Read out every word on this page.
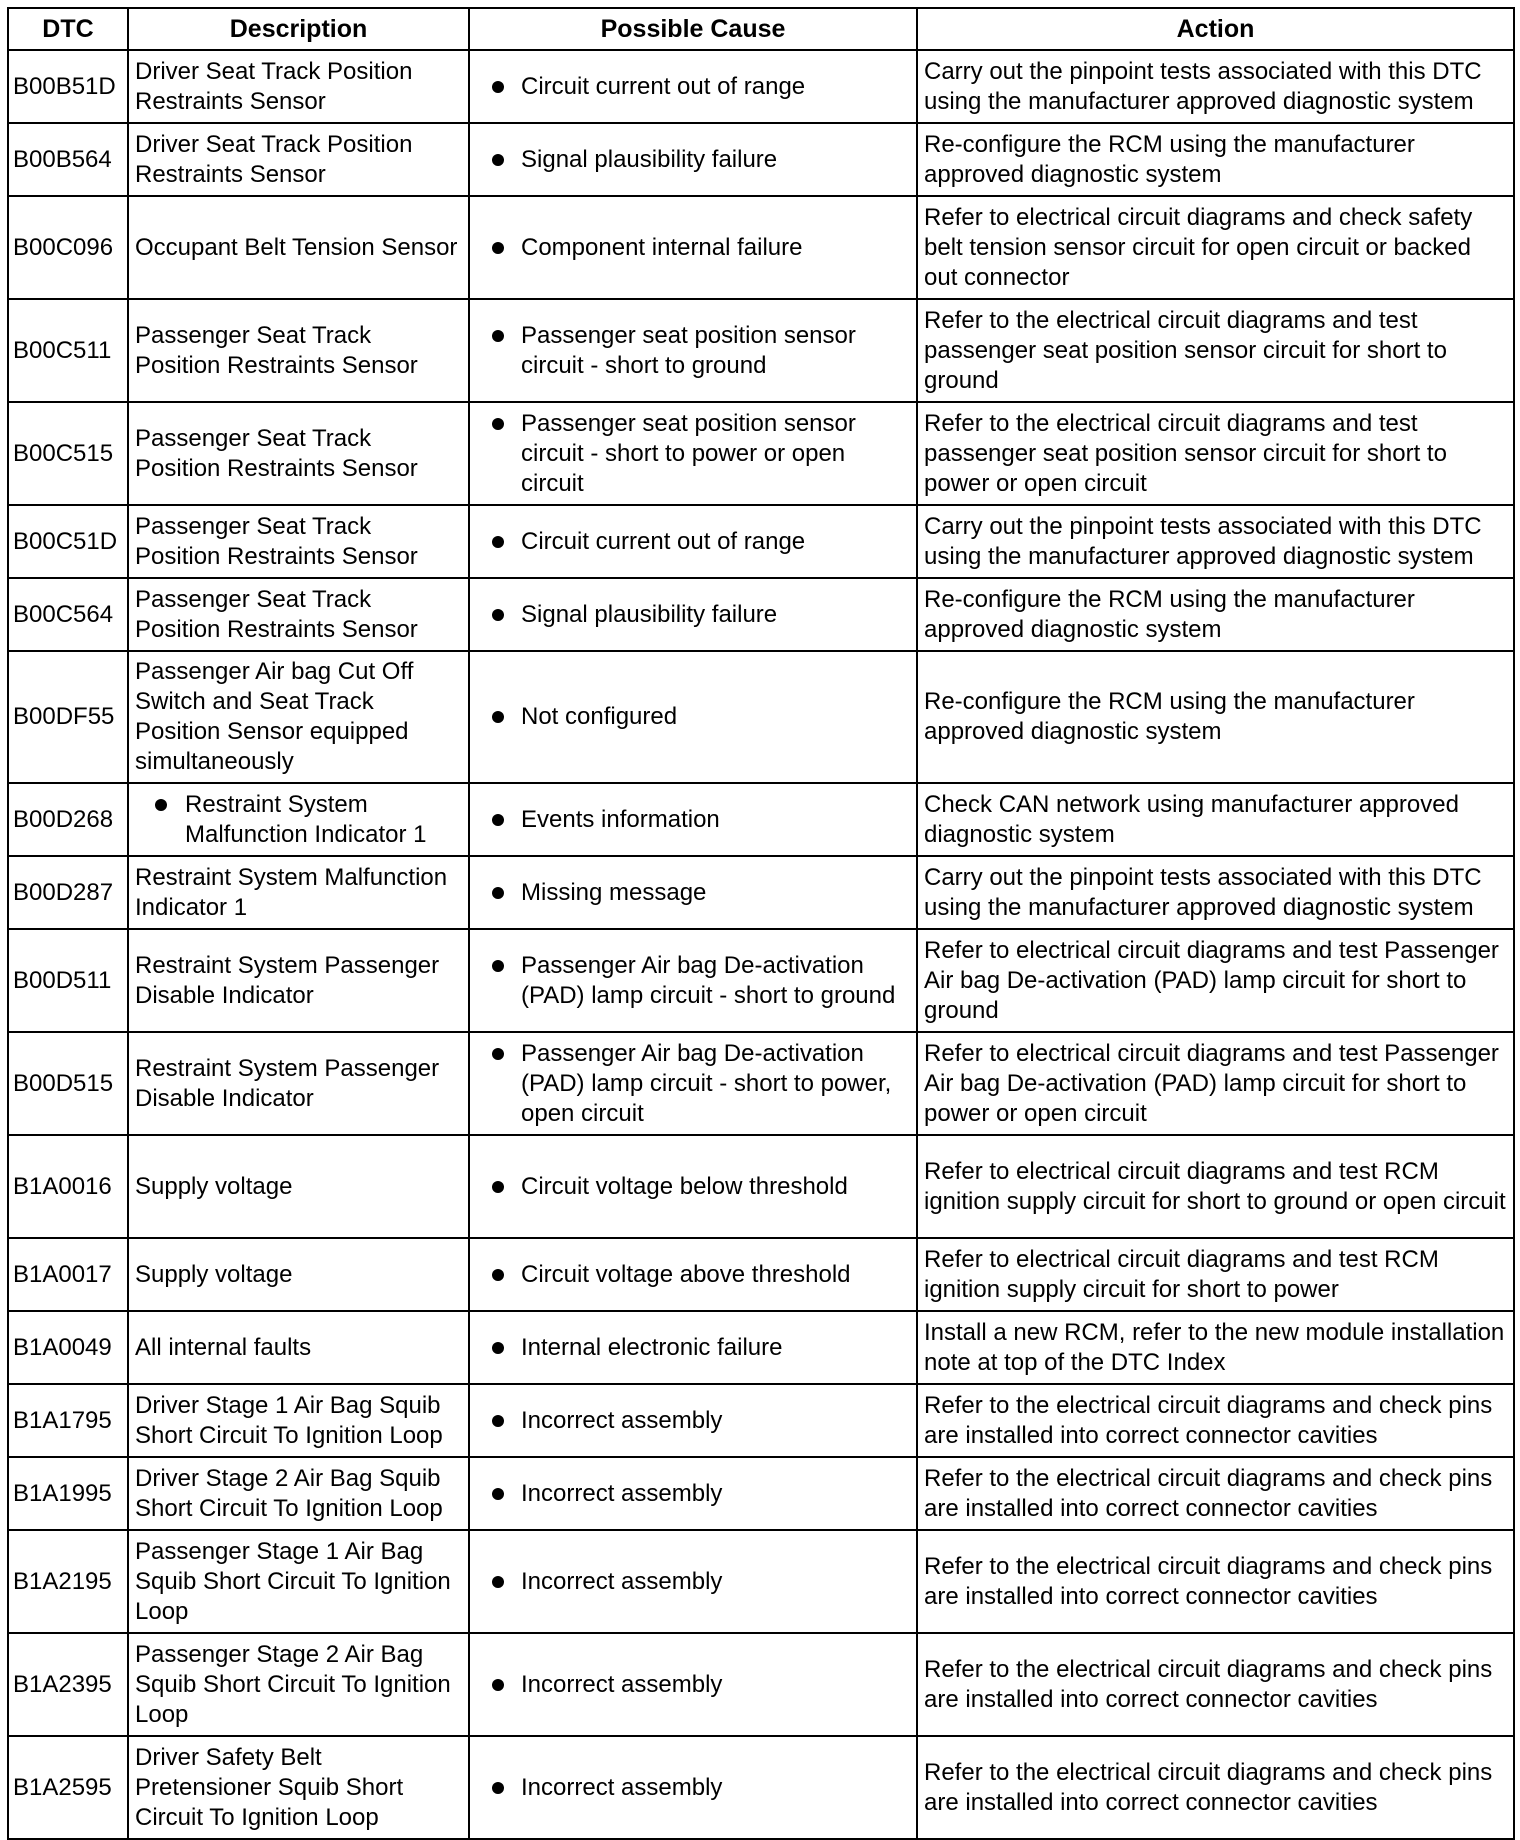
DTC	Description	Possible Cause	Action
B00B51D	Driver Seat Track Position Restraints Sensor	Circuit current out of range	Carry out the pinpoint tests associated with this DTC using the manufacturer approved diagnostic system
B00B564	Driver Seat Track Position Restraints Sensor	Signal plausibility failure	Re-configure the RCM using the manufacturer approved diagnostic system
B00C096	Occupant Belt Tension Sensor	Component internal failure	Refer to electrical circuit diagrams and check safety belt tension sensor circuit for open circuit or backed out connector
B00C511	Passenger Seat Track Position Restraints Sensor	Passenger seat position sensor circuit - short to ground	Refer to the electrical circuit diagrams and test passenger seat position sensor circuit for short to ground
B00C515	Passenger Seat Track Position Restraints Sensor	Passenger seat position sensor circuit - short to power or open circuit	Refer to the electrical circuit diagrams and test passenger seat position sensor circuit for short to power or open circuit
B00C51D	Passenger Seat Track Position Restraints Sensor	Circuit current out of range	Carry out the pinpoint tests associated with this DTC using the manufacturer approved diagnostic system
B00C564	Passenger Seat Track Position Restraints Sensor	Signal plausibility failure	Re-configure the RCM using the manufacturer approved diagnostic system
B00DF55	Passenger Air bag Cut Off Switch and Seat Track Position Sensor equipped simultaneously	Not configured	Re-configure the RCM using the manufacturer approved diagnostic system
B00D268	Restraint System Malfunction Indicator 1	Events information	Check CAN network using manufacturer approved diagnostic system
B00D287	Restraint System Malfunction Indicator 1	Missing message	Carry out the pinpoint tests associated with this DTC using the manufacturer approved diagnostic system
B00D511	Restraint System Passenger Disable Indicator	Passenger Air bag De-activation (PAD) lamp circuit - short to ground	Refer to electrical circuit diagrams and test Passenger Air bag De-activation (PAD) lamp circuit for short to ground
B00D515	Restraint System Passenger Disable Indicator	Passenger Air bag De-activation (PAD) lamp circuit - short to power, open circuit	Refer to electrical circuit diagrams and test Passenger Air bag De-activation (PAD) lamp circuit for short to power or open circuit
B1A0016	Supply voltage	Circuit voltage below threshold	Refer to electrical circuit diagrams and test RCM ignition supply circuit for short to ground or open circuit
B1A0017	Supply voltage	Circuit voltage above threshold	Refer to electrical circuit diagrams and test RCM ignition supply circuit for short to power
B1A0049	All internal faults	Internal electronic failure	Install a new RCM, refer to the new module installation note at top of the DTC Index
B1A1795	Driver Stage 1 Air Bag Squib Short Circuit To Ignition Loop	Incorrect assembly	Refer to the electrical circuit diagrams and check pins are installed into correct connector cavities
B1A1995	Driver Stage 2 Air Bag Squib Short Circuit To Ignition Loop	Incorrect assembly	Refer to the electrical circuit diagrams and check pins are installed into correct connector cavities
B1A2195	Passenger Stage 1 Air Bag Squib Short Circuit To Ignition Loop	Incorrect assembly	Refer to the electrical circuit diagrams and check pins are installed into correct connector cavities
B1A2395	Passenger Stage 2 Air Bag Squib Short Circuit To Ignition Loop	Incorrect assembly	Refer to the electrical circuit diagrams and check pins are installed into correct connector cavities
B1A2595	Driver Safety Belt Pretensioner Squib Short Circuit To Ignition Loop	Incorrect assembly	Refer to the electrical circuit diagrams and check pins are installed into correct connector cavities
